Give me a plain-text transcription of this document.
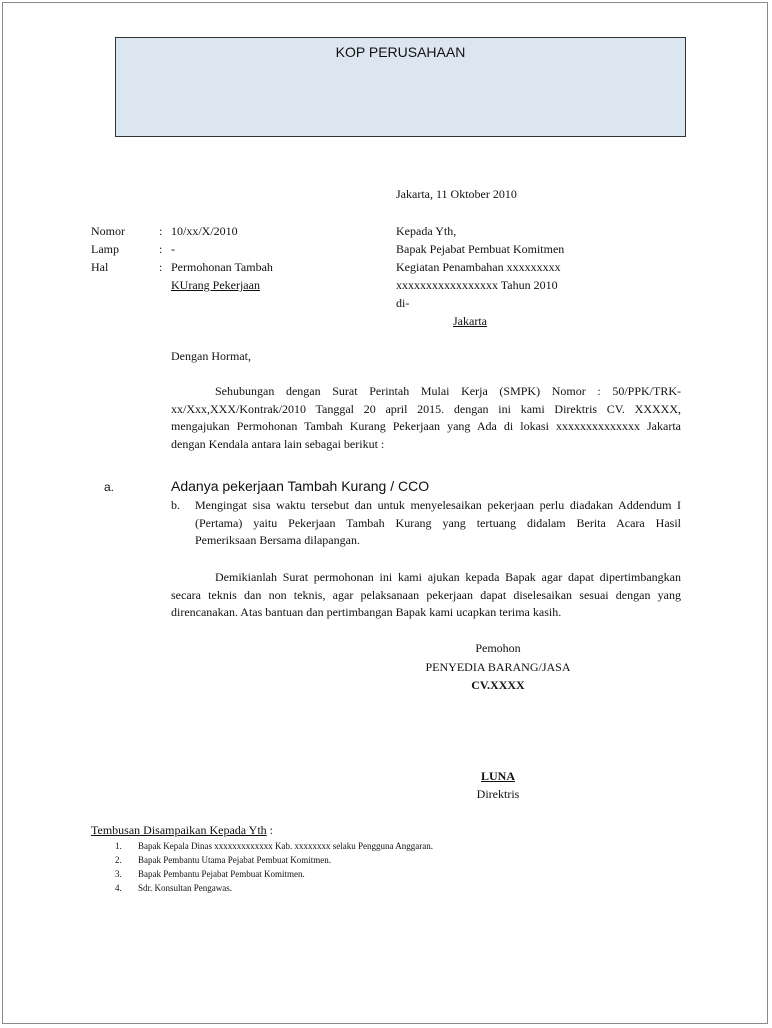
KOP PERUSAHAAN
Jakarta, 11 Oktober 2010
Nomor	: 10/xx/X/2010
Lamp	: -
Hal	: Permohonan Tambah
KUrang Pekerjaan
Kepada Yth,
Bapak Pejabat Pembuat Komitmen
Kegiatan Penambahan xxxxxxxxx
xxxxxxxxxxxxxxxxx Tahun 2010
di-
Jakarta
Dengan Hormat,
Sehubungan dengan Surat Perintah Mulai Kerja (SMPK) Nomor : 50/PPK/TRK-
xx/Xxx,XXX/Kontrak/2010 Tanggal 20 april 2015. dengan ini kami Direktris CV. XXXXX,
mengajukan Permohonan Tambah Kurang Pekerjaan yang Ada di lokasi xxxxxxxxxxxxxx Jakarta
dengan Kendala antara lain sebagai berikut :
a.	Adanya pekerjaan Tambah Kurang / CCO
b. Mengingat sisa waktu tersebut dan untuk menyelesaikan pekerjaan perlu diadakan Addendum I
(Pertama) yaitu Pekerjaan Tambah Kurang yang tertuang didalam Berita Acara Hasil
Pemeriksaan Bersama dilapangan.
Demikianlah Surat permohonan ini kami ajukan kepada Bapak agar dapat dipertimbangkan
secara teknis dan non teknis, agar pelaksanaan pekerjaan dapat diselesaikan sesuai dengan yang
direncanakan. Atas bantuan dan pertimbangan Bapak kami ucapkan terima kasih.
Pemohon
PENYEDIA BARANG/JASA
CV.XXXX
LUNA
Direktris
Tembusan Disampaikan Kepada Yth :
1. Bapak Kepala Dinas xxxxxxxxxxxxx Kab. xxxxxxxx selaku Pengguna Anggaran.
2. Bapak Pembantu Utama Pejabat Pembuat Komitmen.
3. Bapak Pembantu Pejabat Pembuat Komitmen.
4. Sdr. Konsultan Pengawas.
